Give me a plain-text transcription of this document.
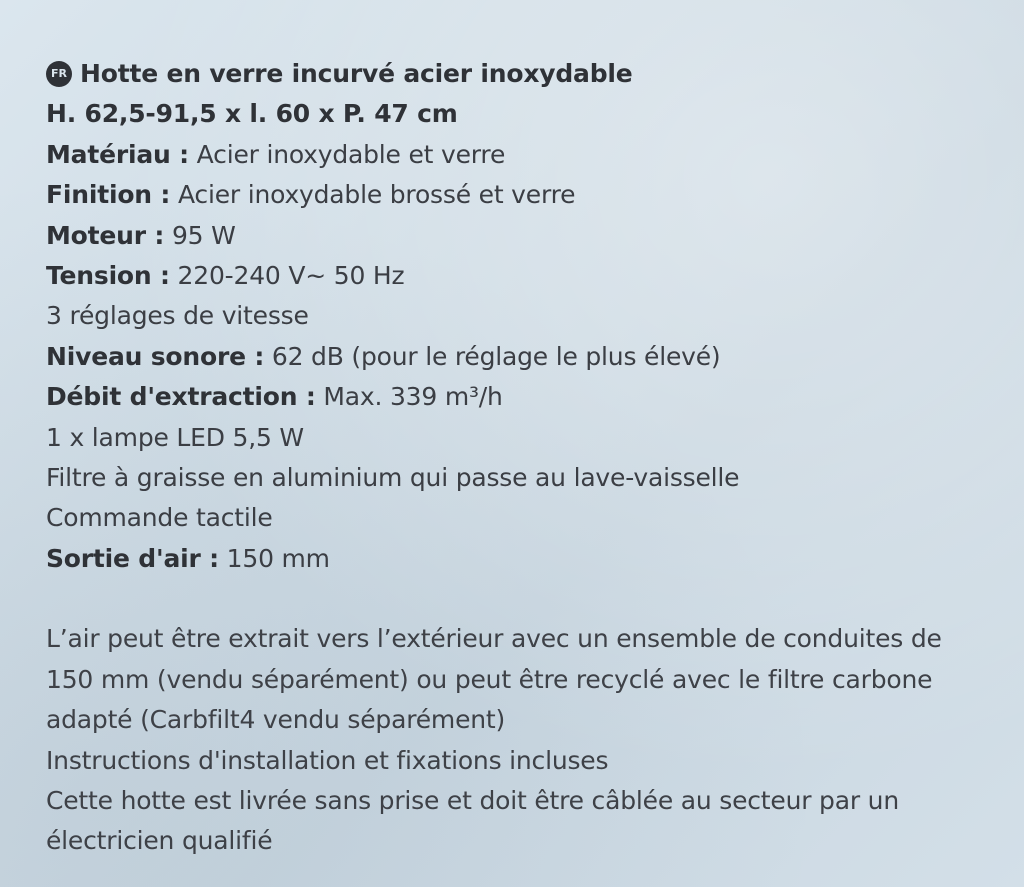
FR Hotte en verre incurvé acier inoxydable
H. 62,5-91,5 x l. 60 x P. 47 cm
Matériau : Acier inoxydable et verre
Finition : Acier inoxydable brossé et verre
Moteur : 95 W
Tension : 220-240 V~ 50 Hz
3 réglages de vitesse
Niveau sonore : 62 dB (pour le réglage le plus élevé)
Débit d'extraction : Max. 339 m³/h
1 x lampe LED 5,5 W
Filtre à graisse en aluminium qui passe au lave-vaisselle
Commande tactile
Sortie d'air : 150 mm
L’air peut être extrait vers l’extérieur avec un ensemble de conduites de
150 mm (vendu séparément) ou peut être recyclé avec le filtre carbone
adapté (Carbfilt4 vendu séparément)
Instructions d'installation et fixations incluses
Cette hotte est livrée sans prise et doit être câblée au secteur par un
électricien qualifié
